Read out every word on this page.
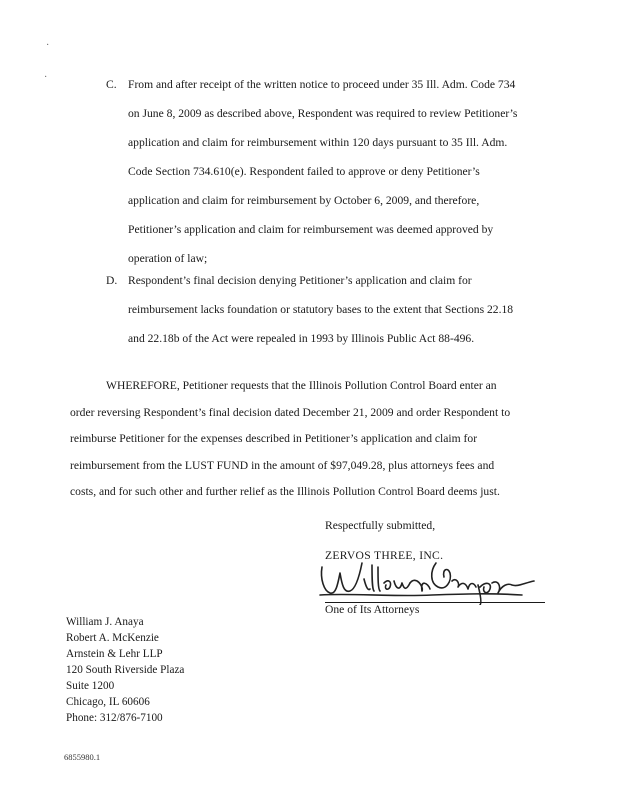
·
·
C. From and after receipt of the written notice to proceed under 35 Ill. Adm. Code 734
on June 8, 2009 as described above, Respondent was required to review Petitioner’s
application and claim for reimbursement within 120 days pursuant to 35 Ill. Adm.
Code Section 734.610(e). Respondent failed to approve or deny Petitioner’s
application and claim for reimbursement by October 6, 2009, and therefore,
Petitioner’s application and claim for reimbursement was deemed approved by
operation of law;
D. Respondent’s final decision denying Petitioner’s application and claim for
reimbursement lacks foundation or statutory bases to the extent that Sections 22.18
and 22.18b of the Act were repealed in 1993 by Illinois Public Act 88-496.
WHEREFORE, Petitioner requests that the Illinois Pollution Control Board enter an
order reversing Respondent’s final decision dated December 21, 2009 and order Respondent to
reimburse Petitioner for the expenses described in Petitioner’s application and claim for
reimbursement from the LUST FUND in the amount of $97,049.28, plus attorneys fees and
costs, and for such other and further relief as the Illinois Pollution Control Board deems just.
Respectfully submitted,
ZERVOS THREE, INC.
One of Its Attorneys
William J. Anaya
Robert A. McKenzie
Arnstein & Lehr LLP
120 South Riverside Plaza
Suite 1200
Chicago, IL 60606
Phone: 312/876-7100
6855980.1
